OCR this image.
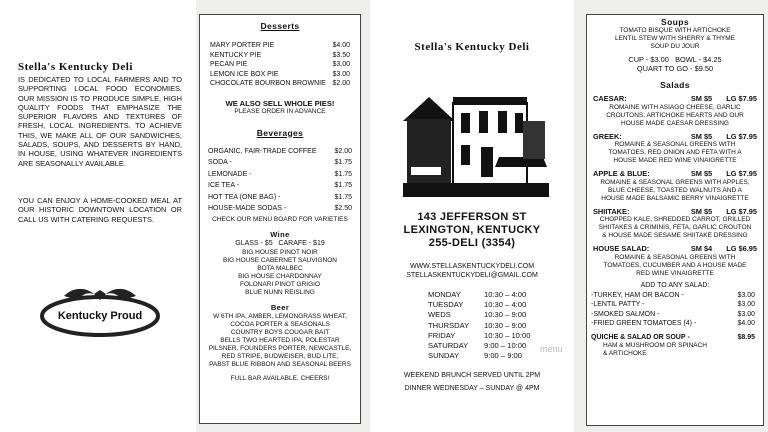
Stella's Kentucky Deli
IS DEDICATED TO LOCAL FARMERS AND TO SUPPORTING LOCAL FOOD ECONOMIES. OUR MISSION IS TO PRODUCE SIMPLE, HIGH QUALITY FOODS THAT EMPHASIZE THE SUPERIOR FLAVORS AND TEXTURES OF FRESH, LOCAL INGREDIENTS. TO ACHIEVE THIS, WE MAKE ALL OF OUR SANDWICHES, SALADS, SOUPS, AND DESSERTS BY HAND, IN HOUSE, USING WHATEVER INGREDIENTS ARE SEASONALLY AVAILABLE.
YOU CAN ENJOY A HOME-COOKED MEAL AT OUR HISTORIC DOWNTOWN LOCATION OR CALL US WITH CATERING REQUESTS.
Kentucky Proud
Desserts
MARY PORTER PIE	$4.00
KENTUCKY PIE	$3.50
PECAN PIE	$3.00
LEMON ICE BOX PIE	$3.00
CHOCOLATE BOURBON BROWNIE $2.00
WE ALSO SELL WHOLE PIES!
PLEASE ORDER IN ADVANCE
Beverages
ORGANIC, FAIR-TRADE COFFEE	$2.00
SODA -	$1.75
LEMONADE -	$1.75
ICE TEA -	$1.75
HOT TEA (ONE BAG) -	$1.75
HOUSE-MADE SODAS -	$2.50
CHECK OUR MENU BOARD FOR VARIETIES
Wine
GLASS - $5   CARAFE - $19
BIG HOUSE PINOT NOIR
BIG HOUSE CABERNET SAUVIGNON
BOTA MALBEC
BIG HOUSE CHARDONNAY
FOLONARI PINOT GRIGIO
BLUE NUNN REISLING
Beer
W 6TH IPA, AMBER, LEMONGRASS WHEAT,
COCOA PORTER & SEASONALS
COUNTRY BOYS COUGAR BAIT
BELLS TWO HEARTED IPA, POLESTAR
PILSNER, FOUNDERS PORTER, NEWCASTLE,
RED STRIPE, BUDWEISER, BUD LITE,
PABST BLUE RIBBON AND SEASONAL BEERS
FULL BAR AVAILABLE. CHEERS!
Stella's Kentucky Deli
143 JEFFERSON ST
LEXINGTON, KENTUCKY
255-DELI (3354)
WWW.STELLASKENTUCKYDELI.COM
STELLASKENTUCKYDELI@GMAIL.COM
MONDAY	10:30 – 4:00
TUESDAY	10:30 – 4:00
WEDS	10:30 – 9:00
THURSDAY	10:30 – 9:00
FRIDAY	10:30 – 10:00
SATURDAY	9:00 – 10:00
SUNDAY	9:00 – 9:00
menu
WEEKEND BRUNCH SERVED UNTIL 2PM
DINNER WEDNESDAY – SUNDAY @ 4PM
Soups
TOMATO BISQUE WITH ARTICHOKE
LENTIL STEW WITH SHERRY & THYME
SOUP DU JOUR
CUP - $3.00   BOWL - $4.25
QUART TO GO - $9.50
Salads
CAESAR:	SM $5 LG $7.95
ROMAINE WITH ASIAGO CHEESE, GARLIC CROUTONS, ARTICHOKE HEARTS AND OUR HOUSE MADE CAESAR DRESSING
GREEK:	SM $5 LG $7.95
ROMAINE & SEASONAL GREENS WITH TOMATOES, RED ONION AND FETA WITH A HOUSE MADE RED WINE VINAIGRETTE
APPLE & BLUE:	SM $5 LG $7.95
ROMAINE & SEASONAL GREENS WITH APPLES, BLUE CHEESE, TOASTED WALNUTS AND A HOUSE MADE BALSAMIC BERRY VINAIGRETTE
SHIITAKE:	SM $5 LG $7.95
CHOPPED KALE, SHREDDED CARROT, GRILLED SHIITAKES & CRIMINIS, FETA, GARLIC CROUTON & HOUSE MADE SESAME SHIITAKE DRESSING
HOUSE SALAD:	SM $4 LG $6.95
ROMAINE & SEASONAL GREENS WITH TOMATOES, CUCUMBER AND A HOUSE MADE RED WINE VINAIGRETTE
ADD TO ANY SALAD:
-TURKEY, HAM OR BACON -	$3.00
-LENTIL PATTY -	$3.00
-SMOKED SALMON -	$3.00
-FRIED GREEN TOMATOES (4) -	$4.00
QUICHE & SALAD OR SOUP -	$8.95
HAM & MUSHROOM OR SPINACH & ARTICHOKE
